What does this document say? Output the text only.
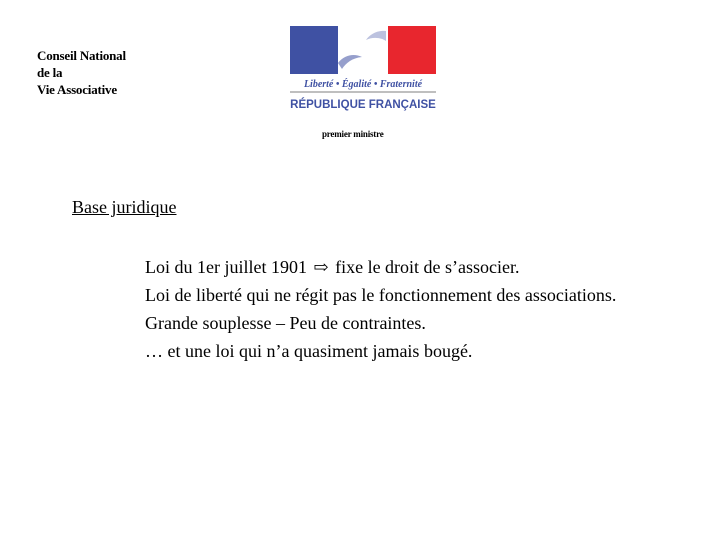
Conseil National
de la
Vie Associative	Liberté • Égalité • Fraternité
RÉPUBLIQUE FRANÇAISE
premier ministre
Base juridique
Loi du 1er juillet 1901 ⇨ fixe le droit de s’associer.
Loi de liberté qui ne régit pas le fonctionnement des associations.
Grande souplesse – Peu de contraintes.
… et une loi qui n’a quasiment jamais bougé.
